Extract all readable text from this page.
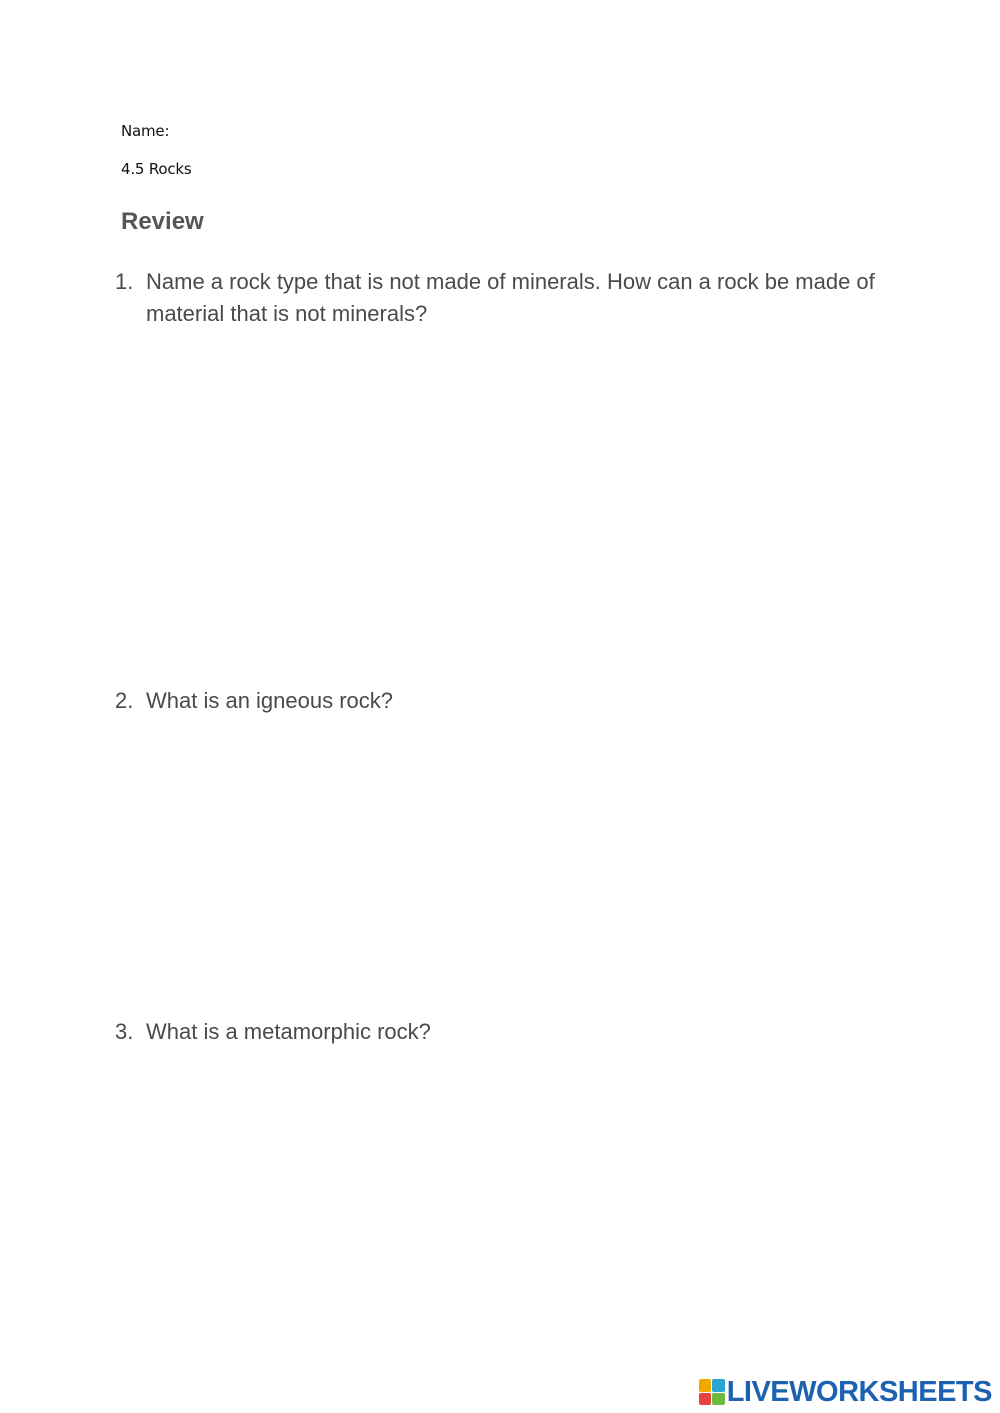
Name:
4.5 Rocks
Review
1. Name a rock type that is not made of minerals. How can a rock be made of material that is not minerals?
2. What is an igneous rock?
3. What is a metamorphic rock?
LIVEWORKSHEETS
